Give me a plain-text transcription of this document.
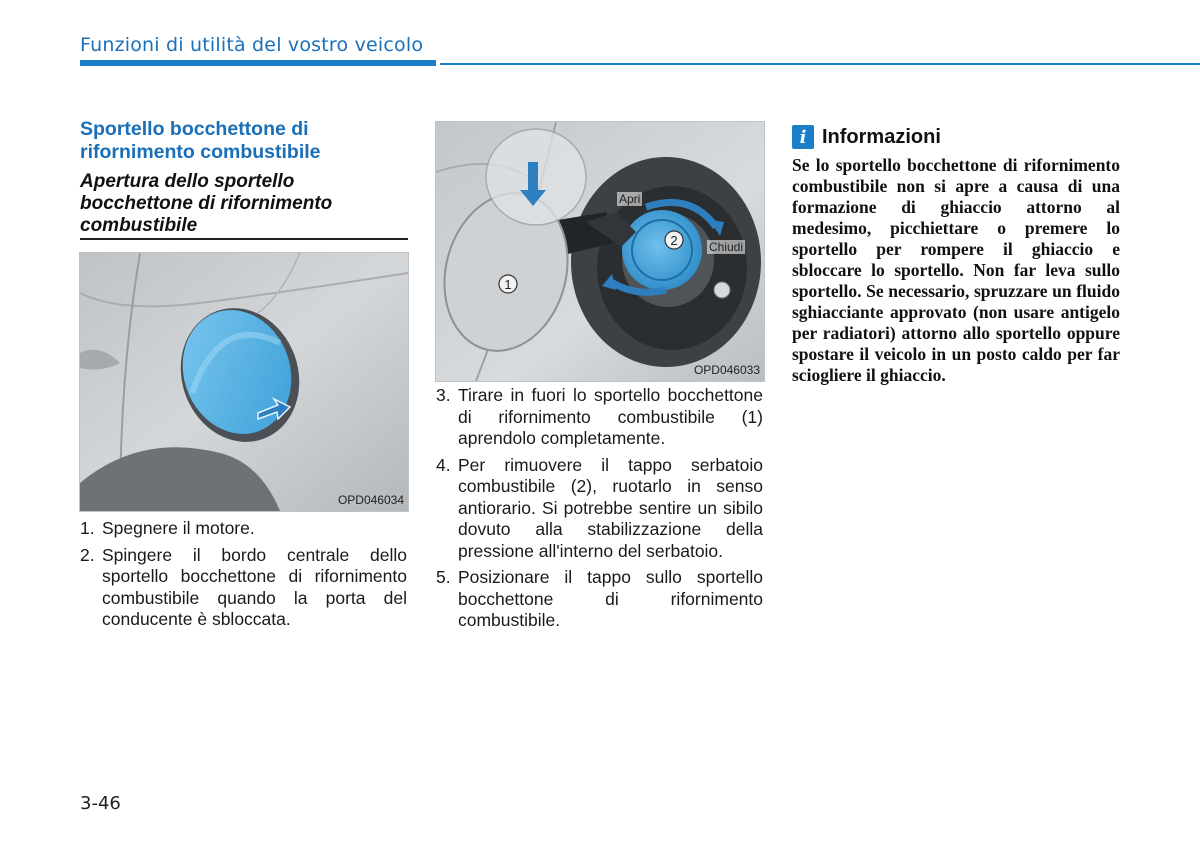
Funzioni di utilità del vostro veicolo
Sportello bocchettone di rifornimento combustibile
Apertura dello sportello bocchettone di rifornimento combustibile
OPD046034
1
2
Apri
Chiudi
OPD046033
1. Spegnere il motore.
2. Spingere il bordo centrale dello sportello bocchettone di rifornimento combustibile quando la porta del conducente è sbloccata.
3. Tirare in fuori lo sportello bocchettone di rifornimento combustibile (1) aprendolo completamente.
4. Per rimuovere il tappo serbatoio combustibile (2), ruotarlo in senso antiorario. Si potrebbe sentire un sibilo dovuto alla stabilizzazione della pressione all'interno del serbatoio.
5. Posizionare il tappo sullo sportello bocchettone di rifornimento combustibile.
i Informazioni
Se lo sportello bocchettone di rifornimento combustibile non si apre a causa di una formazione di ghiaccio attorno al medesimo, picchiettare o premere lo sportello per rompere il ghiaccio e sbloccare lo sportello. Non far leva sullo sportello. Se necessario, spruzzare un fluido sghiacciante approvato (non usare antigelo per radiatori) attorno allo sportello oppure spostare il veicolo in un posto caldo per far sciogliere il ghiaccio.
3-46
